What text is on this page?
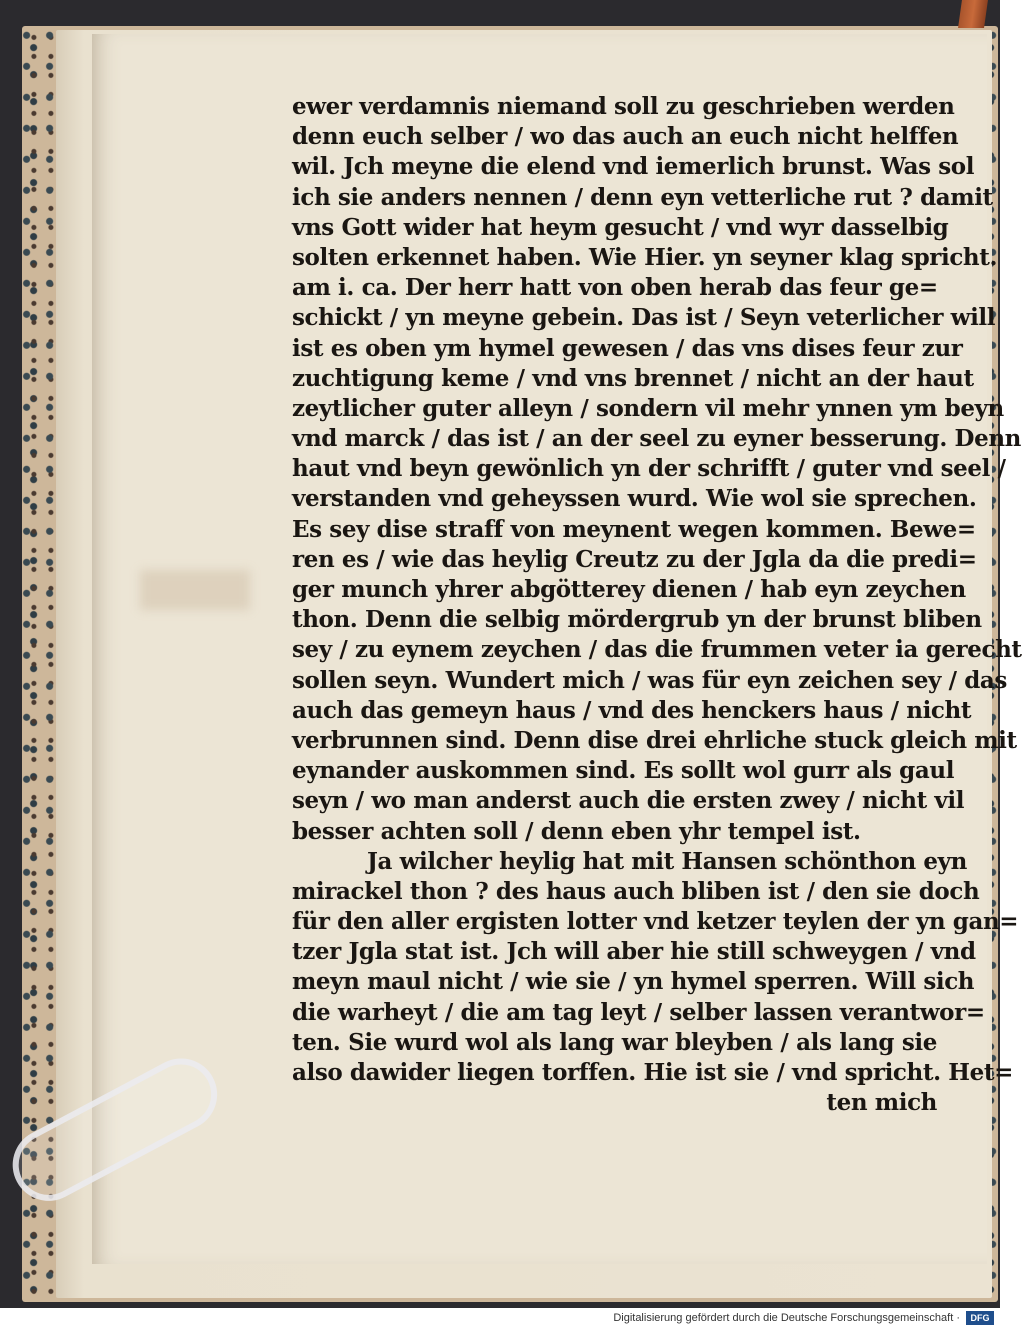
ewer verdamnis niemand soll zu geschrieben werden
denn euch selber / wo das auch an euch nicht helffen
wil. Jch meyne die elend vnd iemerlich brunst. Was sol
ich sie anders nennen / denn eyn vetterliche rut ? damit
vns Gott wider hat heym gesucht / vnd wyr dasselbig
solten erkennet haben. Wie Hier. yn seyner klag spricht.
am i. ca. Der herr hatt von oben herab das feur ge=
schickt / yn meyne gebein. Das ist / Seyn veterlicher will
ist es oben ym hymel gewesen / das vns dises feur zur
zuchtigung keme / vnd vns brennet / nicht an der haut
zeytlicher guter alleyn / sondern vil mehr ynnen ym beyn
vnd marck / das ist / an der seel zu eyner besserung. Denn
haut vnd beyn gewönlich yn der schrifft / guter vnd seel /
verstanden vnd geheyssen wurd. Wie wol sie sprechen.
Es sey dise straff von meynent wegen kommen. Bewe=
ren es / wie das heylig Creutz zu der Jgla da die predi=
ger munch yhrer abgötterey dienen / hab eyn zeychen
thon. Denn die selbig mördergrub yn der brunst bliben
sey / zu eynem zeychen / das die frummen veter ia gerecht
sollen seyn. Wundert mich / was für eyn zeichen sey / das
auch das gemeyn haus / vnd des henckers haus / nicht
verbrunnen sind. Denn dise drei ehrliche stuck gleich mit
eynander auskommen sind. Es sollt wol gurr als gaul
seyn / wo man anderst auch die ersten zwey / nicht vil
besser achten soll / denn eben yhr tempel ist.
Ja wilcher heylig hat mit Hansen schönthon eyn
mirackel thon ? des haus auch bliben ist / den sie doch
für den aller ergisten lotter vnd ketzer teylen der yn gan=
tzer Jgla stat ist. Jch will aber hie still schweygen / vnd
meyn maul nicht / wie sie / yn hymel sperren. Will sich
die warheyt / die am tag leyt / selber lassen verantwor=
ten. Sie wurd wol als lang war bleyben / als lang sie
also dawider liegen torffen. Hie ist sie / vnd spricht. Het=
ten mich
Digitalisierung gefördert durch die Deutsche Forschungsgemeinschaft ·	DFG
